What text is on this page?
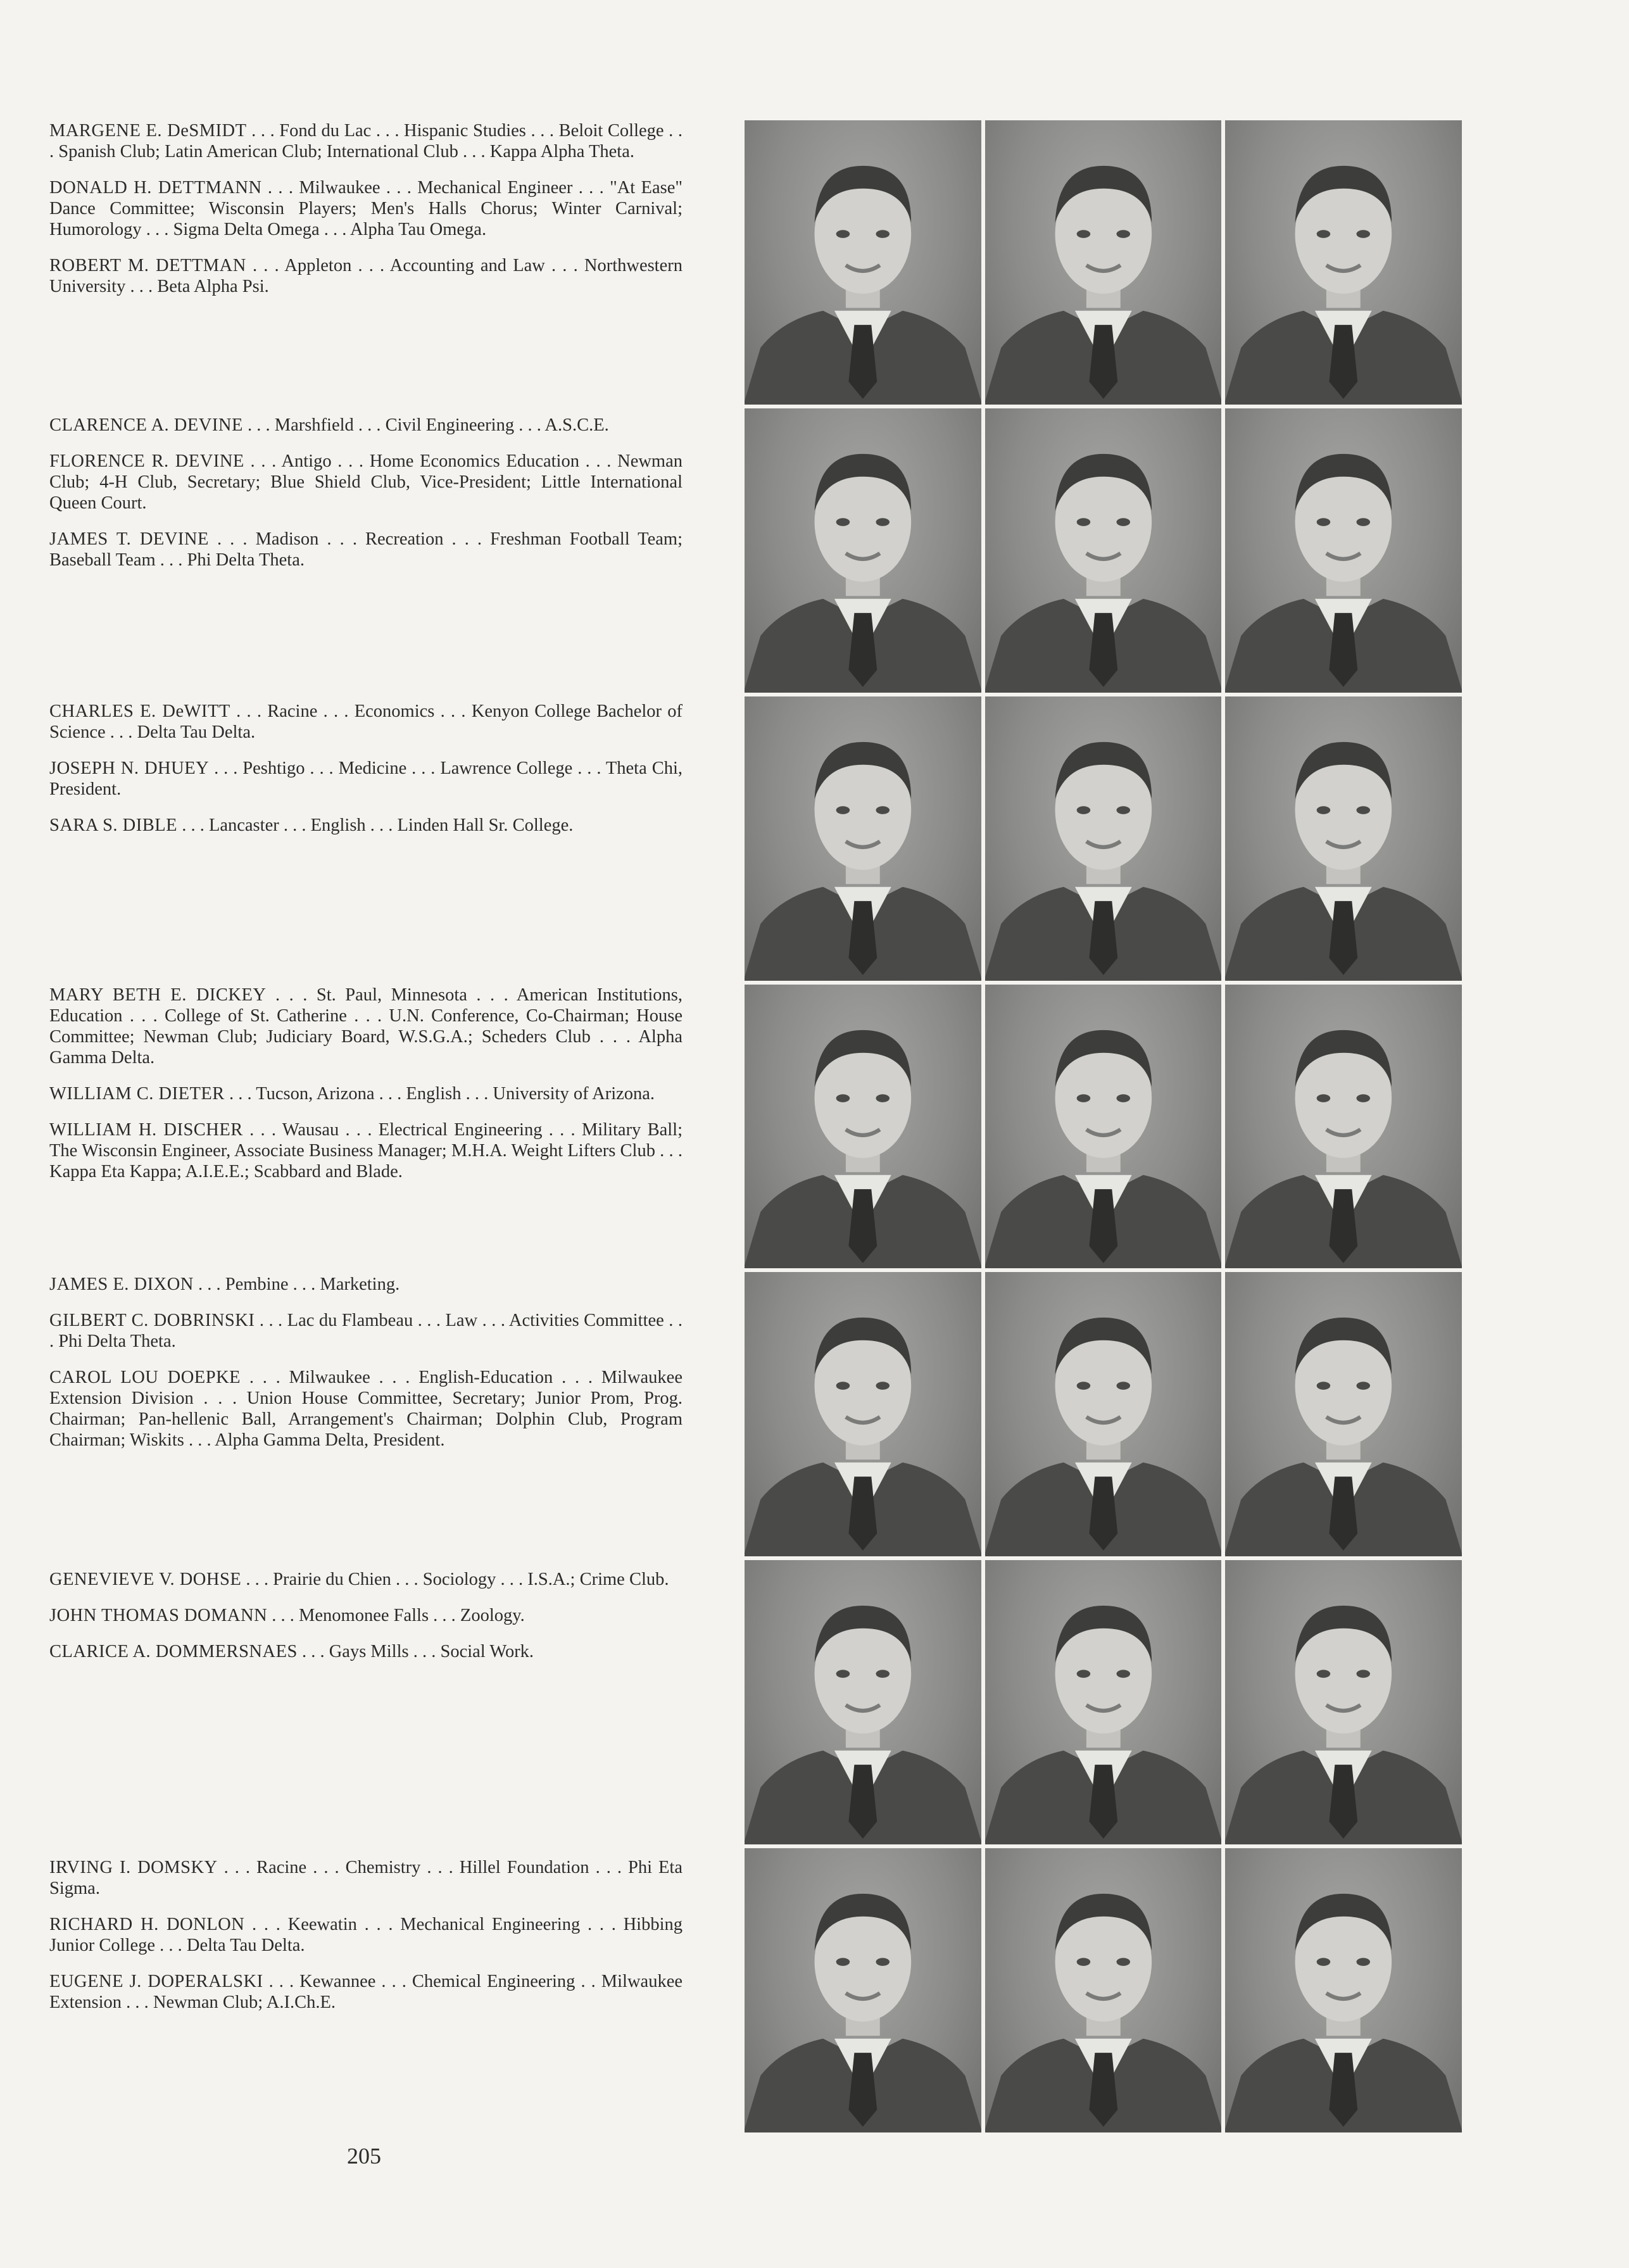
MARGENE E. DeSMIDT . . . Fond du Lac . . . Hispanic Studies . . . Beloit College . . . Spanish Club; Latin American Club; International Club . . . Kappa Alpha Theta.

DONALD H. DETTMANN . . . Milwaukee . . . Mechanical Engineer . . . "At Ease" Dance Committee; Wisconsin Players; Men's Halls Chorus; Winter Carnival; Humorology . . . Sigma Delta Omega . . . Alpha Tau Omega.

ROBERT M. DETTMAN . . . Appleton . . . Accounting and Law . . . Northwestern University . . . Beta Alpha Psi.

CLARENCE A. DEVINE . . . Marshfield . . . Civil Engineering . . . A.S.C.E.

FLORENCE R. DEVINE . . . Antigo . . . Home Economics Education . . . Newman Club; 4-H Club, Secretary; Blue Shield Club, Vice-President; Little International Queen Court.

JAMES T. DEVINE . . . Madison . . . Recreation . . . Freshman Football Team; Baseball Team . . . Phi Delta Theta.

CHARLES E. DeWITT . . . Racine . . . Economics . . . Kenyon College Bachelor of Science . . . Delta Tau Delta.

JOSEPH N. DHUEY . . . Peshtigo . . . Medicine . . . Lawrence College . . . Theta Chi, President.

SARA S. DIBLE . . . Lancaster . . . English . . . Linden Hall Sr. College.

MARY BETH E. DICKEY . . . St. Paul, Minnesota . . . American Institutions, Education . . . College of St. Catherine . . . U.N. Conference, Co-Chairman; House Committee; Newman Club; Judiciary Board, W.S.G.A.; Scheders Club . . . Alpha Gamma Delta.

WILLIAM C. DIETER . . . Tucson, Arizona . . . English . . . University of Arizona.

WILLIAM H. DISCHER . . . Wausau . . . Electrical Engineering . . . Military Ball; The Wisconsin Engineer, Associate Business Manager; M.H.A. Weight Lifters Club . . . Kappa Eta Kappa; A.I.E.E.; Scabbard and Blade.

JAMES E. DIXON . . . Pembine . . . Marketing.

GILBERT C. DOBRINSKI . . . Lac du Flambeau . . . Law . . . Activities Committee . . . Phi Delta Theta.

CAROL LOU DOEPKE . . . Milwaukee . . . English-Education . . . Milwaukee Extension Division . . . Union House Committee, Secretary; Junior Prom, Prog. Chairman; Pan-hellenic Ball, Arrangement's Chairman; Dolphin Club, Program Chairman; Wiskits . . . Alpha Gamma Delta, President.

GENEVIEVE V. DOHSE . . . Prairie du Chien . . . Sociology . . . I.S.A.; Crime Club.

JOHN THOMAS DOMANN . . . Menomonee Falls . . . Zoology.

CLARICE A. DOMMERSNAES . . . Gays Mills . . . Social Work.

IRVING I. DOMSKY . . . Racine . . . Chemistry . . . Hillel Foundation . . . Phi Eta Sigma.

RICHARD H. DONLON . . . Keewatin . . . Mechanical Engineering . . . Hibbing Junior College . . . Delta Tau Delta.

EUGENE J. DOPERALSKI . . . Kewannee . . . Chemical Engineering . . Milwaukee Extension . . . Newman Club; A.I.Ch.E.

205
